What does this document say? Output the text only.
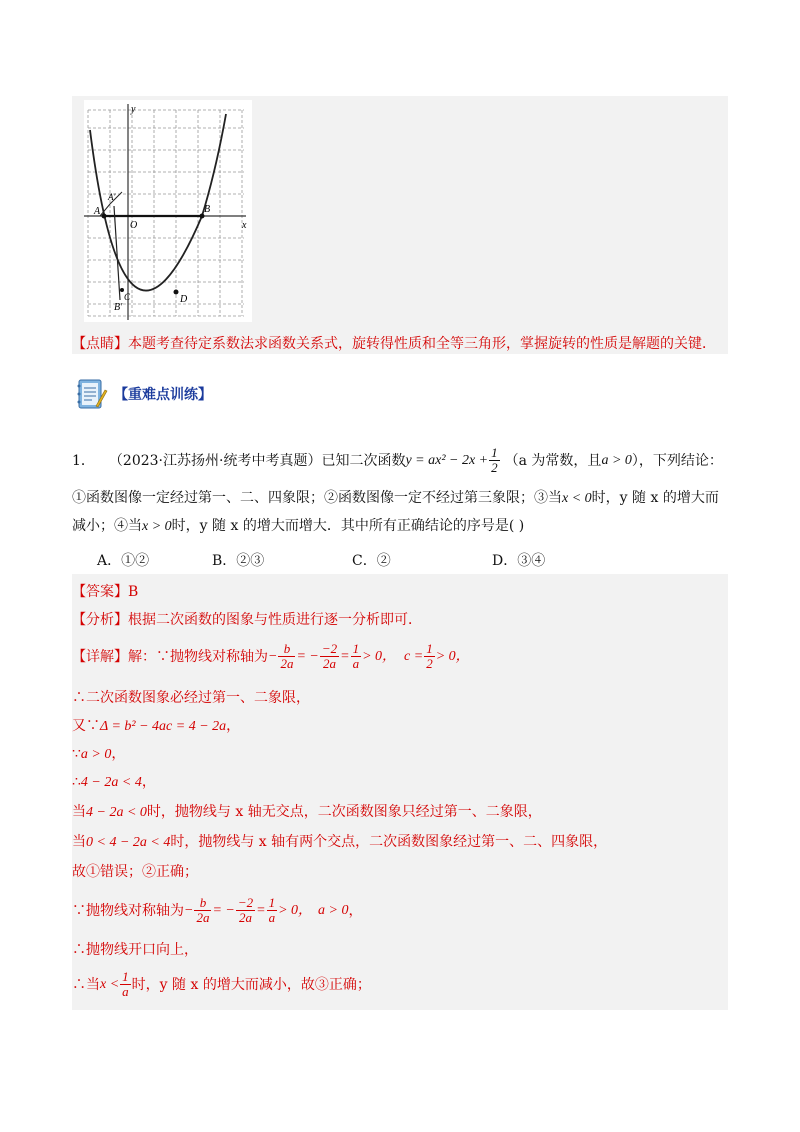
x
y
O
A
A'
B
B'
C	D
【点睛】本题考查待定系数法求函数关系式，旋转得性质和全等三角形，掌握旋转的性质是解题的关键．
【重难点训练】
1． （2023·江苏扬州·统考中考真题）已知二次函数 $y = ax^2 - 2x + \frac{1}{2} (a$ 为常数，且 a > 0 ），下列结论：
①函数图像一定经过第一、二、四象限；②函数图像一定不经过第三象限；③当x < 0时，y 随 x 的增大而
减小；④当x > 0时，y 随 x 的增大而增大．其中所有正确结论的序号是( )
A．①②	B．②③	C．②	D．③④
【答案】B
【分析】根据二次函数的图象与性质进行逐一分析即可．
【详解】解：∵抛物线对称轴为 − $\frac{b}{2a}$ = − $\frac{-2}{2a} = \frac{1}{a} > 0$， $c = \frac{1}{2} > 0$，
∴二次函数图象必经过第一、二象限，
又∵Δ = b² − 4ac = 4 − 2a，
∵a > 0，
∴4 − 2a < 4，
当4 − 2a < 0时，抛物线与 x 轴无交点，二次函数图象只经过第一、二象限，
当0 < 4 − 2a < 4时，抛物线与 x 轴有两个交点，二次函数图象经过第一、二、四象限，
故①错误；②正确；
∵抛物线对称轴为 − $\frac{b}{2a}$ = − $\frac{-2}{2a} = \frac{1}{a} > 0$， a > 0 ，
∴抛物线开口向上，
∴当 $x < \frac{1}{a}$ 时，y 随 x 的增大而减小，故③正确；
